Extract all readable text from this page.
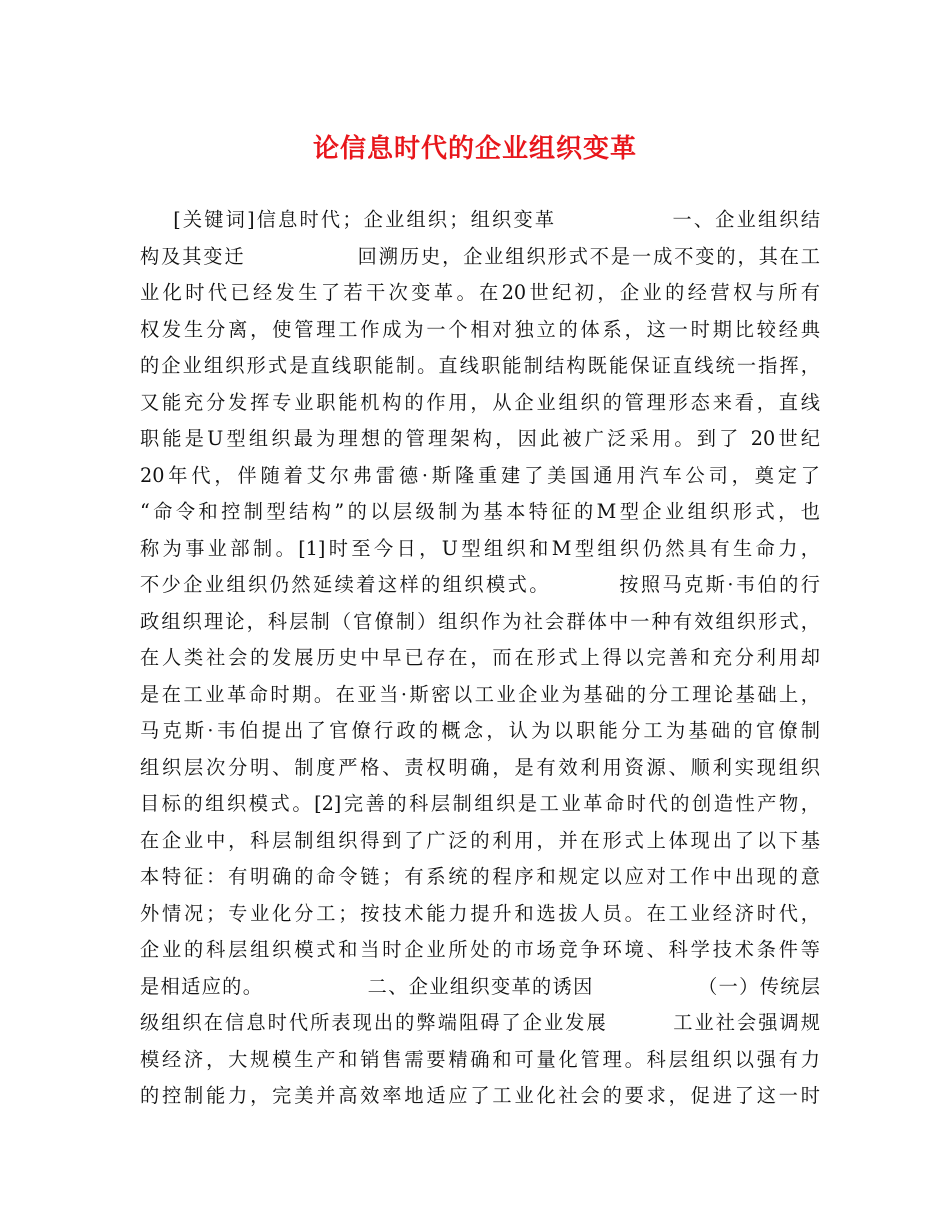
论信息时代的企业组织变革
[关键词]信息时代；企业组织；组织变革              一、企业组织结
构及其变迁              回溯历史，企业组织形式不是一成不变的，其在工
业化时代已经发生了若干次变革。在20世纪初，企业的经营权与所有
权发生分离，使管理工作成为一个相对独立的体系，这一时期比较经典
的企业组织形式是直线职能制。直线职能制结构既能保证直线统一指挥，
又能充分发挥专业职能机构的作用，从企业组织的管理形态来看，直线
职能是U型组织最为理想的管理架构，因此被广泛采用。到了 20世纪
20年代，伴随着艾尔弗雷德·斯隆重建了美国通用汽车公司，奠定了
“命令和控制型结构”的以层级制为基本特征的M型企业组织形式，也
称为事业部制。[1]时至今日，U型组织和M型组织仍然具有生命力，
不少企业组织仍然延续着这样的组织模式。        按照马克斯·韦伯的行
政组织理论，科层制（官僚制）组织作为社会群体中一种有效组织形式，
在人类社会的发展历史中早已存在，而在形式上得以完善和充分利用却
是在工业革命时期。在亚当·斯密以工业企业为基础的分工理论基础上，
马克斯·韦伯提出了官僚行政的概念，认为以职能分工为基础的官僚制
组织层次分明、制度严格、责权明确，是有效利用资源、顺利实现组织
目标的组织模式。[2]完善的科层制组织是工业革命时代的创造性产物，
在企业中，科层制组织得到了广泛的利用，并在形式上体现出了以下基
本特征：有明确的命令链；有系统的程序和规定以应对工作中出现的意
外情况；专业化分工；按技术能力提升和选拔人员。在工业经济时代，
企业的科层组织模式和当时企业所处的市场竞争环境、科学技术条件等
是相适应的。              二、企业组织变革的诱因              （一）传统层
级组织在信息时代所表现出的弊端阻碍了企业发展        工业社会强调规
模经济，大规模生产和销售需要精确和可量化管理。科层组织以强有力
的控制能力，完美并高效率地适应了工业化社会的要求，促进了这一时
